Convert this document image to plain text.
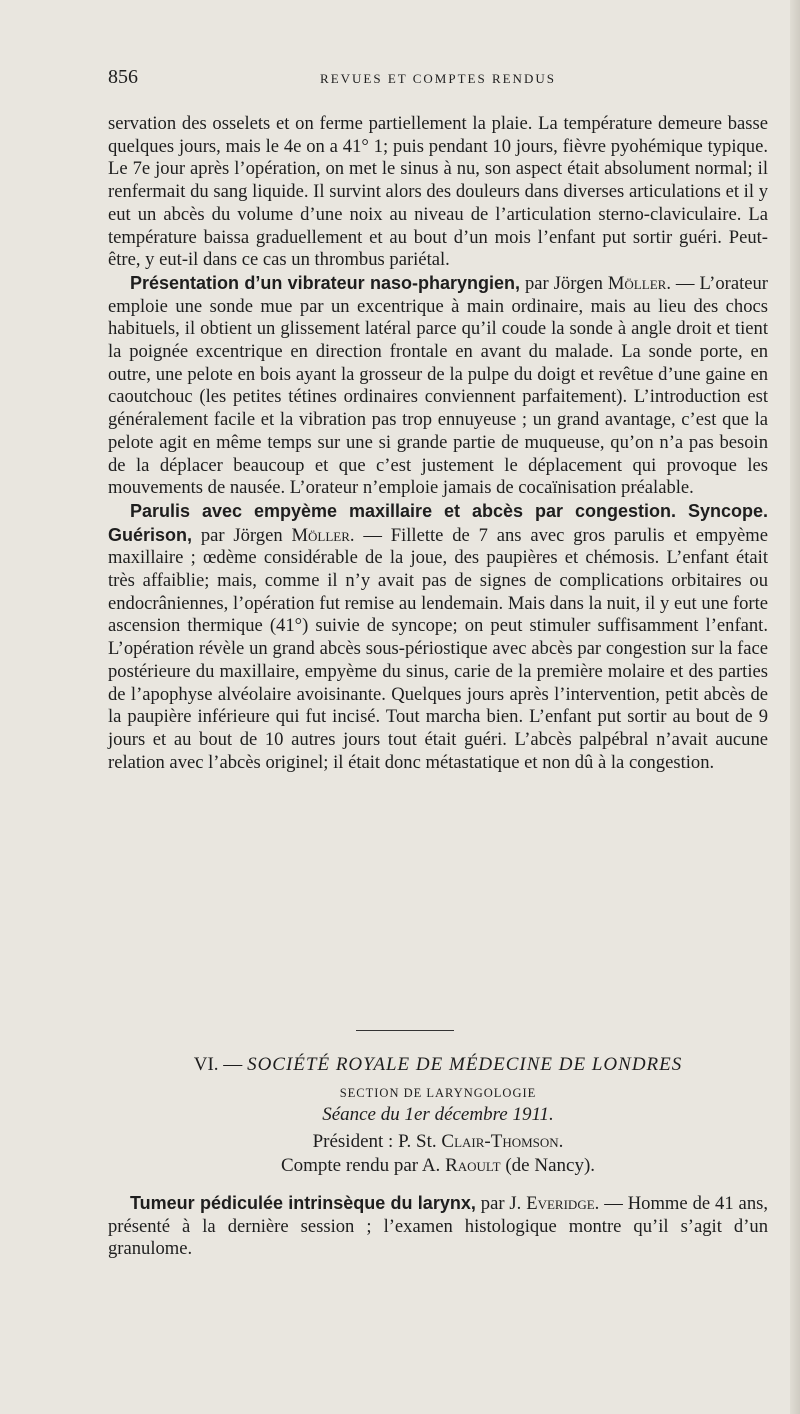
856	REVUES ET COMPTES RENDUS

servation des osselets et on ferme partiellement la plaie. La température demeure basse quelques jours, mais le 4e on a 41° 1; puis pendant 10 jours, fièvre pyohémique typique. Le 7e jour après l’opération, on met le sinus à nu, son aspect était absolument normal; il renfermait du sang liquide. Il survint alors des douleurs dans diverses articulations et il y eut un abcès du volume d’une noix au niveau de l’articulation sterno-claviculaire. La température baissa graduellement et au bout d’un mois l’enfant put sortir guéri. Peut-être, y eut-il dans ce cas un thrombus pariétal.

Présentation d’un vibrateur naso-pharyngien, par Jörgen Möller. — L’orateur emploie une sonde mue par un excentrique à main ordinaire, mais au lieu des chocs habituels, il obtient un glissement latéral parce qu’il coude la sonde à angle droit et tient la poignée excentrique en direction frontale en avant du malade. La sonde porte, en outre, une pelote en bois ayant la grosseur de la pulpe du doigt et revêtue d’une gaine en caoutchouc (les petites tétines ordinaires conviennent parfaitement). L’introduction est généralement facile et la vibration pas trop ennuyeuse ; un grand avantage, c’est que la pelote agit en même temps sur une si grande partie de muqueuse, qu’on n’a pas besoin de la déplacer beaucoup et que c’est justement le déplacement qui provoque les mouvements de nausée. L’orateur n’emploie jamais de cocaïnisation préalable.

Parulis avec empyème maxillaire et abcès par congestion. Syncope. Guérison, par Jörgen Möller. — Fillette de 7 ans avec gros parulis et empyème maxillaire ; œdème considérable de la joue, des paupières et chémosis. L’enfant était très affaiblie; mais, comme il n’y avait pas de signes de complications orbitaires ou endocrâniennes, l’opération fut remise au lendemain. Mais dans la nuit, il y eut une forte ascension thermique (41°) suivie de syncope; on peut stimuler suffisamment l’enfant. L’opération révèle un grand abcès sous-périostique avec abcès par congestion sur la face postérieure du maxillaire, empyème du sinus, carie de la première molaire et des parties de l’apophyse alvéolaire avoisinante. Quelques jours après l’intervention, petit abcès de la paupière inférieure qui fut incisé. Tout marcha bien. L’enfant put sortir au bout de 9 jours et au bout de 10 autres jours tout était guéri. L’abcès palpébral n’avait aucune relation avec l’abcès originel; il était donc métastatique et non dû à la congestion.

VI. — SOCIÉTÉ ROYALE DE MÉDECINE DE LONDRES
SECTION DE LARYNGOLOGIE
Séance du 1er décembre 1911.
Président : P. St. Clair-Thomson.
Compte rendu par A. Raoult (de Nancy).

Tumeur pédiculée intrinsèque du larynx, par J. Everidge. — Homme de 41 ans, présenté à la dernière session ; l’examen histologique montre qu’il s’agit d’un granulome.
